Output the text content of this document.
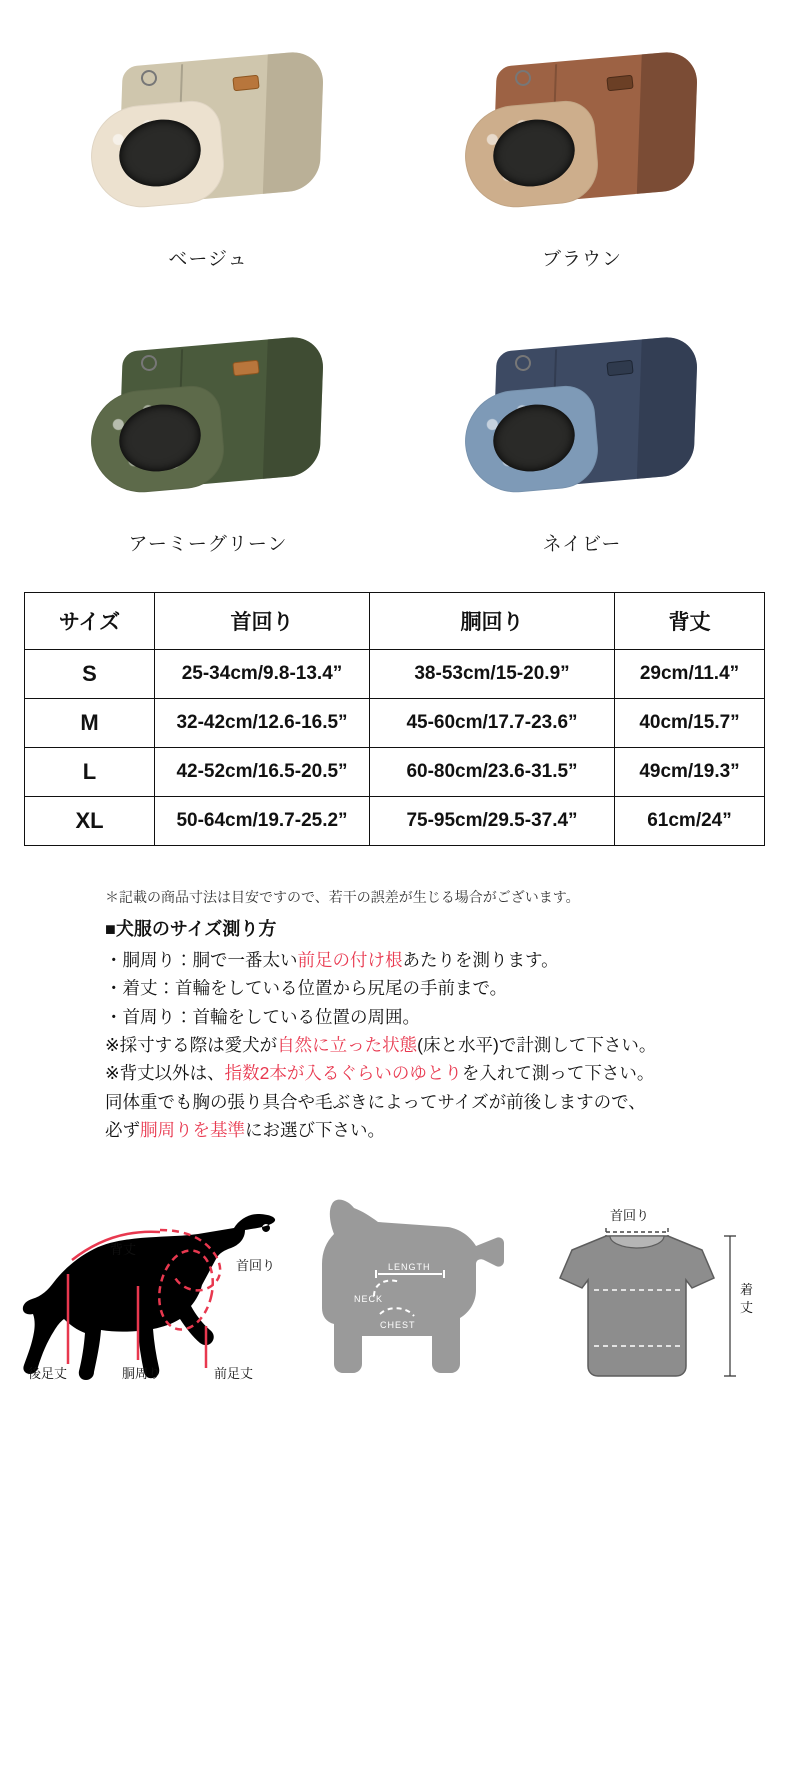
ベージュ	ブラウン
アーミーグリーン	ネイビー
サイズ	首回り	胴回り	背丈
S	25-34cm/9.8-13.4”	38-53cm/15-20.9”	29cm/11.4”
M	32-42cm/12.6-16.5”	45-60cm/17.7-23.6”	40cm/15.7”
L	42-52cm/16.5-20.5”	60-80cm/23.6-31.5”	49cm/19.3”
XL	50-64cm/19.7-25.2”	75-95cm/29.5-37.4”	61cm/24”

＊記載の商品寸法は目安ですので、若干の誤差が生じる場合がございます。

■犬服のサイズ測り方

・胴周り：胴で一番太い前足の付け根あたりを測ります。

・着丈：首輪をしている位置から尻尾の手前まで。

・首周り：首輪をしている位置の周囲。

※採寸する際は愛犬が自然に立った状態(床と水平)で計測して下さい。

※背丈以外は、指数2本が入るぐらいのゆとりを入れて測って下さい。

同体重でも胸の張り具合や毛ぶきによってサイズが前後しますので、

必ず胴周りを基準にお選び下さい。

背丈
首回り
胴周り	前足丈
後足丈
LENGTH
NECK
CHEST
首回り
着
丈
